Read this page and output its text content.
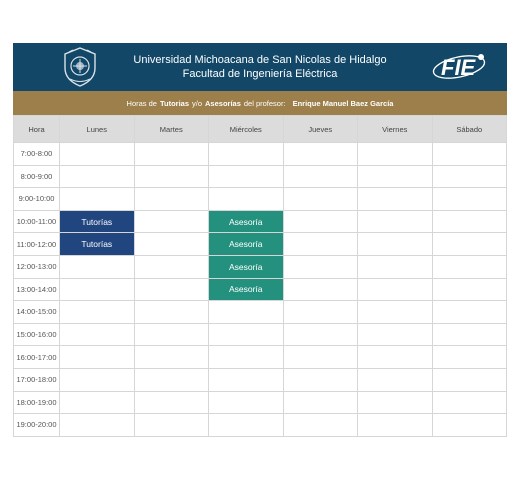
Universidad Michoacana de San Nicolas de Hidalgo
Facultad de Ingeniería Eléctrica	FIE
Horas de Tutorias y/o Asesorías del profesor: Enrique Manuel Baez García
Hora	Lunes	Martes	Miércoles	Jueves	Viernes	Sábado
7:00-8:00						
8:00-9:00						
9:00-10:00						
10:00-11:00	Tutorías		Asesoría			
11:00-12:00	Tutorías		Asesoría			
12:00-13:00			Asesoría			
13:00-14:00			Asesoría			
14:00-15:00						
15:00-16:00						
16:00-17:00						
17:00-18:00						
18:00-19:00						
19:00-20:00						
